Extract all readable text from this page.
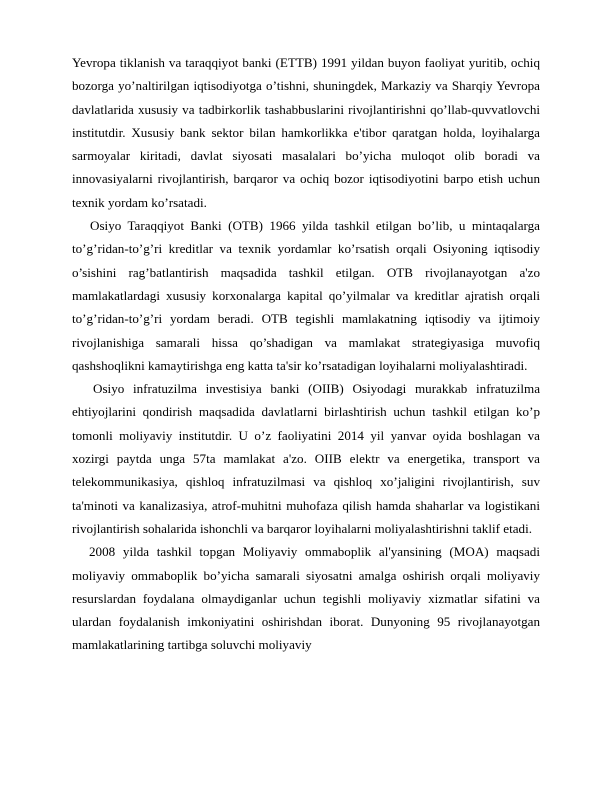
Yevropa tiklanish va taraqqiyot banki (ETTB) 1991 yildan buyon faoliyat yuritib, ochiq bozorga yo’naltirilgan iqtisodiyotga o’tishni, shuningdek, Markaziy va Sharqiy Yevropa davlatlarida xususiy va tadbirkorlik tashabbuslarini rivojlantirishni qo’llab-quvvatlovchi institutdir. Xususiy bank sektor bilan hamkorlikka e'tibor qaratgan holda, loyihalarga sarmoyalar kiritadi, davlat siyosati masalalari bo’yicha muloqot olib boradi va innovasiyalarni rivojlantirish, barqaror va ochiq bozor iqtisodiyotini barpo etish uchun texnik yordam ko’rsatadi.

Osiyo Taraqqiyot Banki (OTB) 1966 yilda tashkil etilgan bo’lib, u mintaqalarga to’g’ridan-to’g’ri kreditlar va texnik yordamlar ko’rsatish orqali Osiyoning iqtisodiy o’sishini rag’batlantirish maqsadida tashkil etilgan. OTB rivojlanayotgan a'zo mamlakatlardagi xususiy korxonalarga kapital qo’yilmalar va kreditlar ajratish orqali to’g’ridan-to’g’ri yordam beradi. OTB tegishli mamlakatning iqtisodiy va ijtimoiy rivojlanishiga samarali hissa qo’shadigan va mamlakat strategiyasiga muvofiq qashshoqlikni kamaytirishga eng katta ta'sir ko’rsatadigan loyihalarni moliyalashtiradi.

Osiyo infratuzilma investisiya banki (OIIB) Osiyodagi murakkab infratuzilma ehtiyojlarini qondirish maqsadida davlatlarni birlashtirish uchun tashkil etilgan ko’p tomonli moliyaviy institutdir. U o’z faoliyatini 2014 yil yanvar oyida boshlagan va xozirgi paytda unga 57ta mamlakat a'zo. OIIB elektr va energetika, transport va telekommunikasiya, qishloq infratuzilmasi va qishloq xo’jaligini rivojlantirish, suv ta'minoti va kanalizasiya, atrof-muhitni muhofaza qilish hamda shaharlar va logistikani rivojlantirish sohalarida ishonchli va barqaror loyihalarni moliyalashtirishni taklif etadi.

2008 yilda tashkil topgan Moliyaviy ommaboplik al'yansining (MOA) maqsadi moliyaviy ommaboplik bo’yicha samarali siyosatni amalga oshirish orqali moliyaviy resurslardan foydalana olmaydiganlar uchun tegishli moliyaviy xizmatlar sifatini va ulardan foydalanish imkoniyatini oshirishdan iborat. Dunyoning 95 rivojlanayotgan mamlakatlarining tartibga soluvchi moliyaviy
